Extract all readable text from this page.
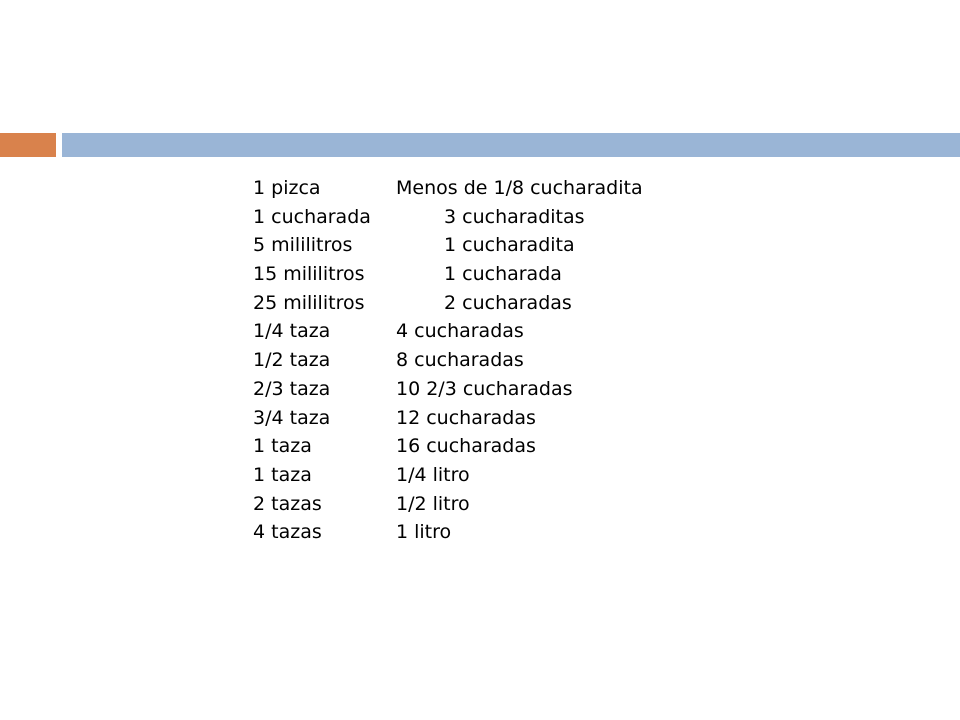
1 pizca	Menos de 1/8 cucharadita
1 cucharada	3 cucharaditas
5 mililitros	1 cucharadita
15 mililitros	1 cucharada
25 mililitros	2 cucharadas
1/4 taza	4 cucharadas
1/2 taza	8 cucharadas
2/3 taza	10 2/3 cucharadas
3/4 taza	12 cucharadas
1 taza	16 cucharadas
1 taza	1/4 litro
2 tazas	1/2 litro
4 tazas	1 litro
